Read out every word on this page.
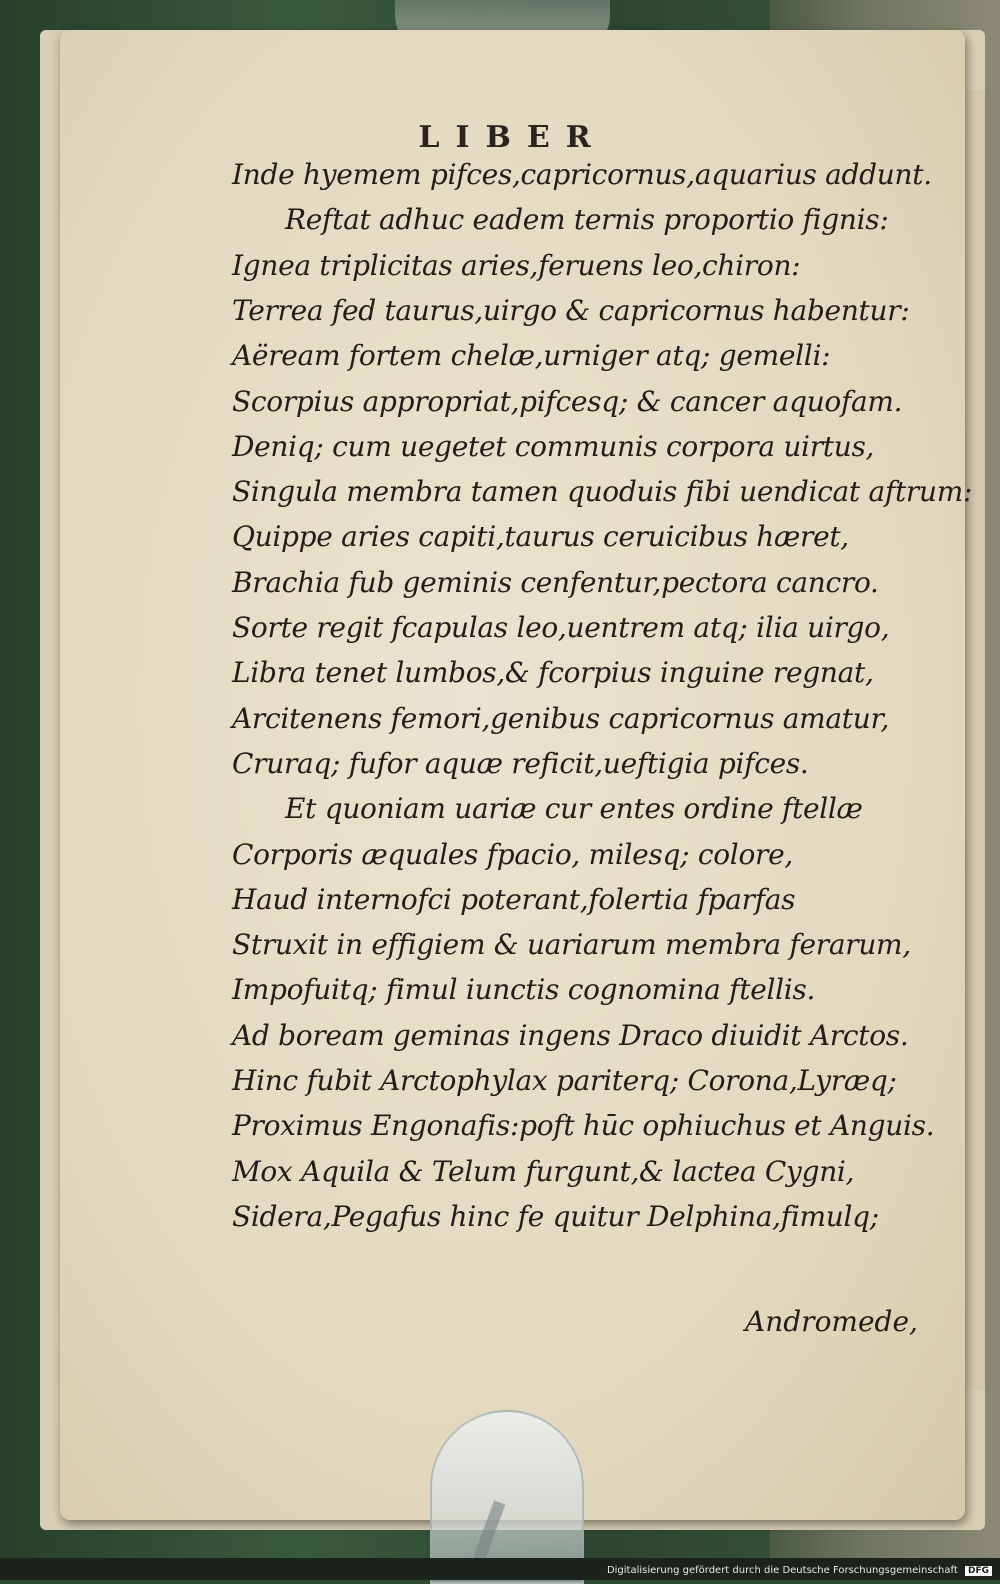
LIBER
Inde hyemem pifces,capricornus,aquarius addunt.
Reftat adhuc eadem ternis proportio fignis:
Ignea triplicitas aries,feruens leo,chiron:
Terrea fed taurus,uirgo & capricornus habentur:
Aëream fortem chelæ,urniger atq; gemelli:
Scorpius appropriat,pifcesq; & cancer aquofam.
Deniq; cum uegetet communis corpora uirtus,
Singula membra tamen quoduis fibi uendicat aftrum:
Quippe aries capiti,taurus ceruicibus hæret,
Brachia fub geminis cenfentur,pectora cancro.
Sorte regit fcapulas leo,uentrem atq; ilia uirgo,
Libra tenet lumbos,& fcorpius inguine regnat,
Arcitenens femori,genibus capricornus amatur,
Cruraq; fufor aquæ reficit,ueftigia pifces.
Et quoniam uariæ cur entes ordine ftellæ
Corporis æquales fpacio, milesq; colore,
Haud internofci poterant,folertia fparfas
Struxit in effigiem & uariarum membra ferarum,
Impofuitq; fimul iunctis cognomina ftellis.
Ad boream geminas ingens Draco diuidit Arctos.
Hinc fubit Arctophylax pariterq; Corona,Lyræq;
Proximus Engonafis:poft hūc ophiuchus et Anguis.
Mox Aquila & Telum furgunt,& lactea Cygni,
Sidera,Pegafus hinc fe quitur Delphina,fimulq;
Andromede,
Digitalisierung gefördert durch die Deutsche Forschungsgemeinschaft DFG
